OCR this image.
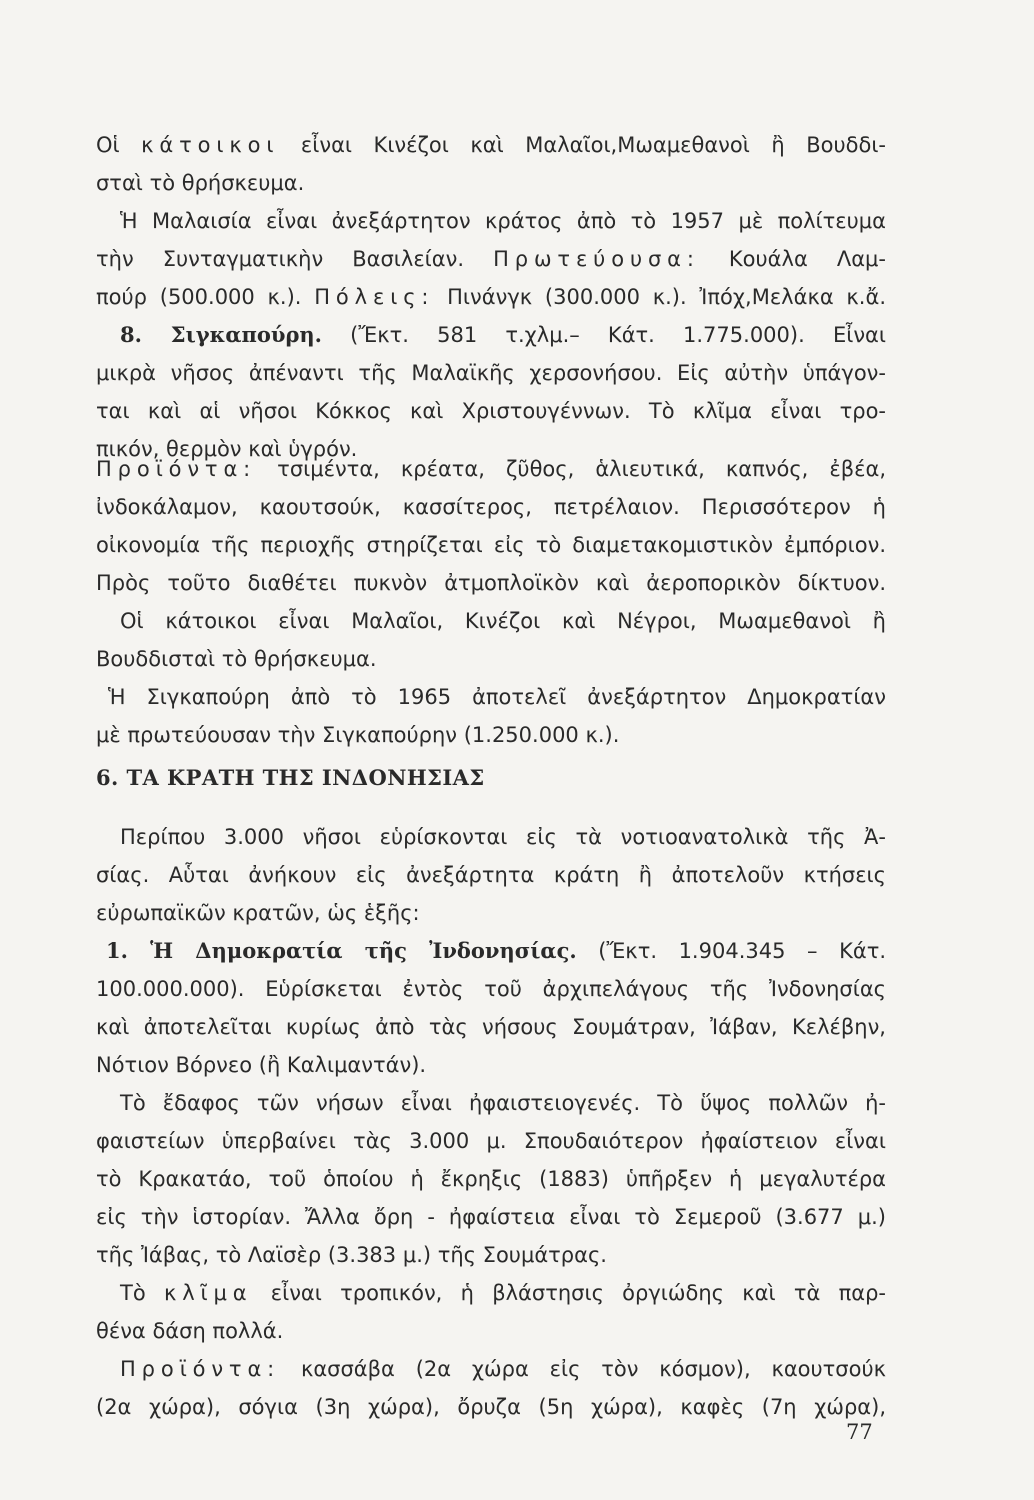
Οἱ κάτοικοι εἶναι Κινέζοι καὶ Μαλαῖοι,Μωαμεθανοὶ ἢ Βουδδι-
σταὶ τὸ θρήσκευμα.
Ἡ Μαλαισία εἶναι ἀνεξάρτητον κράτος ἀπὸ τὸ 1957 μὲ πολίτευμα
τὴν Συνταγματικὴν Βασιλείαν. Πρωτεύουσα: Κουάλα Λαμ-
πούρ (500.000 κ.). Πόλεις: Πινάνγκ (300.000 κ.). Ἰπόχ,Μελάκα κ.ἄ.
8. Σιγκαπούρη. (Ἔκτ. 581 τ.χλμ.– Κάτ. 1.775.000). Εἶναι
μικρὰ νῆσος ἀπέναντι τῆς Μαλαϊκῆς χερσονήσου. Εἰς αὐτὴν ὑπάγον-
ται καὶ αἱ νῆσοι Κόκκος καὶ Χριστουγέννων. Τὸ κλῖμα εἶναι τρο-
πικόν, θερμὸν καὶ ὑγρόν.
Προϊόντα: τσιμέντα, κρέατα, ζῦθος, ἁλιευτικά, καπνός, ἐβέα,
ἰνδοκάλαμον, καουτσούκ, κασσίτερος, πετρέλαιον. Περισσότερον ἡ
οἰκονομία τῆς περιοχῆς στηρίζεται εἰς τὸ διαμετακομιστικὸν ἐμπόριον.
Πρὸς τοῦτο διαθέτει πυκνὸν ἀτμοπλοϊκὸν καὶ ἀεροπορικὸν δίκτυον.
Οἱ κάτοικοι εἶναι Μαλαῖοι, Κινέζοι καὶ Νέγροι, Μωαμεθανοὶ ἢ
Βουδδισταὶ τὸ θρήσκευμα.
Ἡ Σιγκαπούρη ἀπὸ τὸ 1965 ἀποτελεῖ ἀνεξάρτητον Δημοκρατίαν
μὲ πρωτεύουσαν τὴν Σιγκαπούρην (1.250.000 κ.).
6. ΤΑ ΚΡΑΤΗ ΤΗΣ ΙΝΔΟΝΗΣΙΑΣ
Περίπου 3.000 νῆσοι εὑρίσκονται εἰς τὰ νοτιοανατολικὰ τῆς Ἀ-
σίας. Αὗται ἀνήκουν εἰς ἀνεξάρτητα κράτη ἢ ἀποτελοῦν κτήσεις
εὐρωπαϊκῶν κρατῶν, ὡς ἑξῆς:
1. Ἡ Δημοκρατία τῆς Ἰνδονησίας. (Ἔκτ. 1.904.345 – Κάτ.
100.000.000). Εὑρίσκεται ἐντὸς τοῦ ἀρχιπελάγους τῆς Ἰνδονησίας
καὶ ἀποτελεῖται κυρίως ἀπὸ τὰς νήσους Σουμάτραν, Ἰάβαν, Κελέβην,
Νότιον Βόρνεο (ἢ Καλιμαντάν).
Τὸ ἔδαφος τῶν νήσων εἶναι ἠφαιστειογενές. Τὸ ὕψος πολλῶν ἠ-
φαιστείων ὑπερβαίνει τὰς 3.000 μ. Σπουδαιότερον ἠφαίστειον εἶναι
τὸ Κρακατάο, τοῦ ὁποίου ἡ ἔκρηξις (1883) ὑπῆρξεν ἡ μεγαλυτέρα
εἰς τὴν ἱστορίαν. Ἄλλα ὄρη - ἠφαίστεια εἶναι τὸ Σεμεροῦ (3.677 μ.)
τῆς Ἰάβας, τὸ Λαϊσὲρ (3.383 μ.) τῆς Σουμάτρας.
Τὸ κλῖμα εἶναι τροπικόν, ἡ βλάστησις ὀργιώδης καὶ τὰ παρ-
θένα δάση πολλά.
Προϊόντα: κασσάβα (2α χώρα εἰς τὸν κόσμον), καουτσούκ
(2α χώρα), σόγια (3η χώρα), ὄρυζα (5η χώρα), καφὲς (7η χώρα),
77
